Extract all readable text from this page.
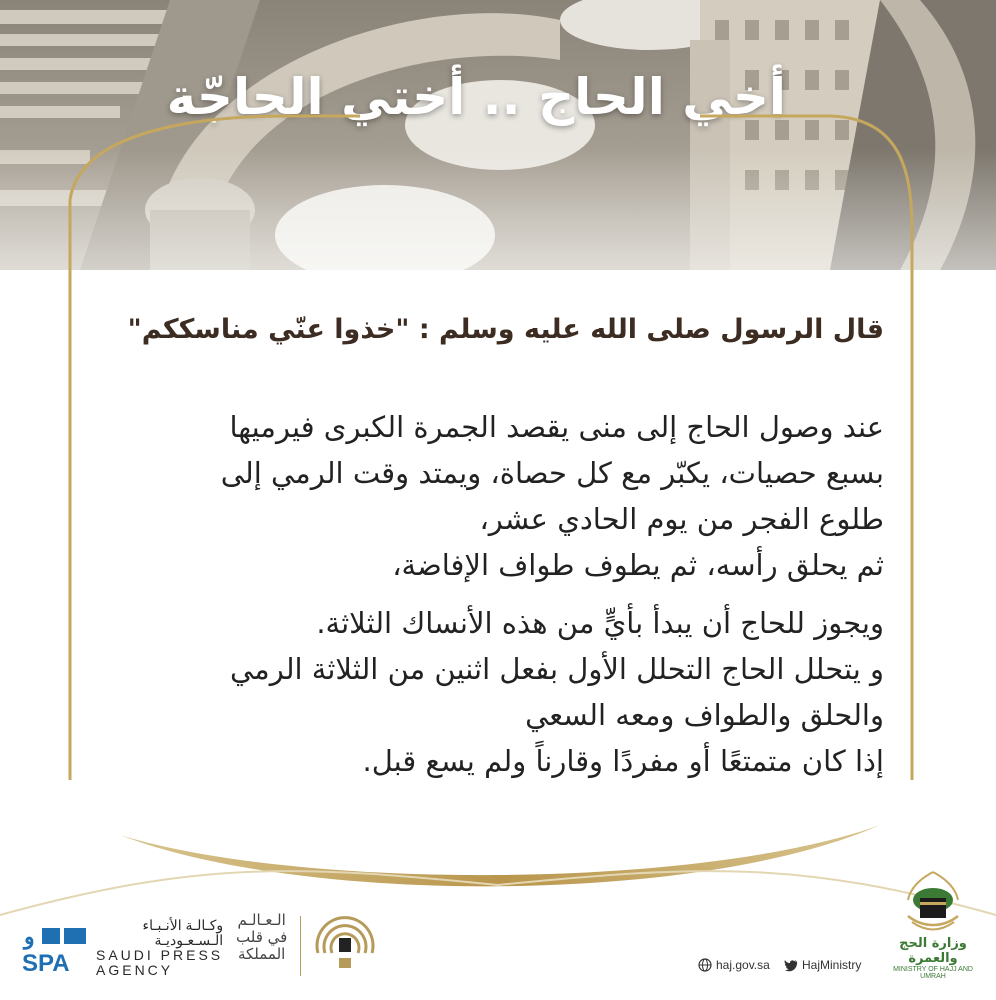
أخي الحاج .. أختي الحاجّة
قال الرسول صلى الله عليه وسلم : "خذوا عنّي مناسككم"
عند وصول الحاج إلى منى يقصد الجمرة الكبرى فيرميها
بسبع حصيات، يكبّر مع كل حصاة، ويمتد وقت الرمي إلى
طلوع الفجر من يوم الحادي عشر،
ثم يحلق رأسه، ثم يطوف طواف الإفاضة،
ويجوز للحاج أن يبدأ بأيٍّ من هذه الأنساك الثلاثة.
و يتحلل الحاج التحلل الأول بفعل اثنين من الثلاثة الرمي
والحلق والطواف ومعه السعي
إذا كان متمتعًا أو مفردًا وقارناً ولم يسع قبل.
و
SPA
وكـالـة الأنـبـاء
الـسـعـوديـة
SAUDI PRESS
AGENCY
الـعـالـم
في قلب
المملكة
haj.gov.sa	HajMinistry
وزارة الحج والعمرة
MINISTRY OF HAJJ AND UMRAH
